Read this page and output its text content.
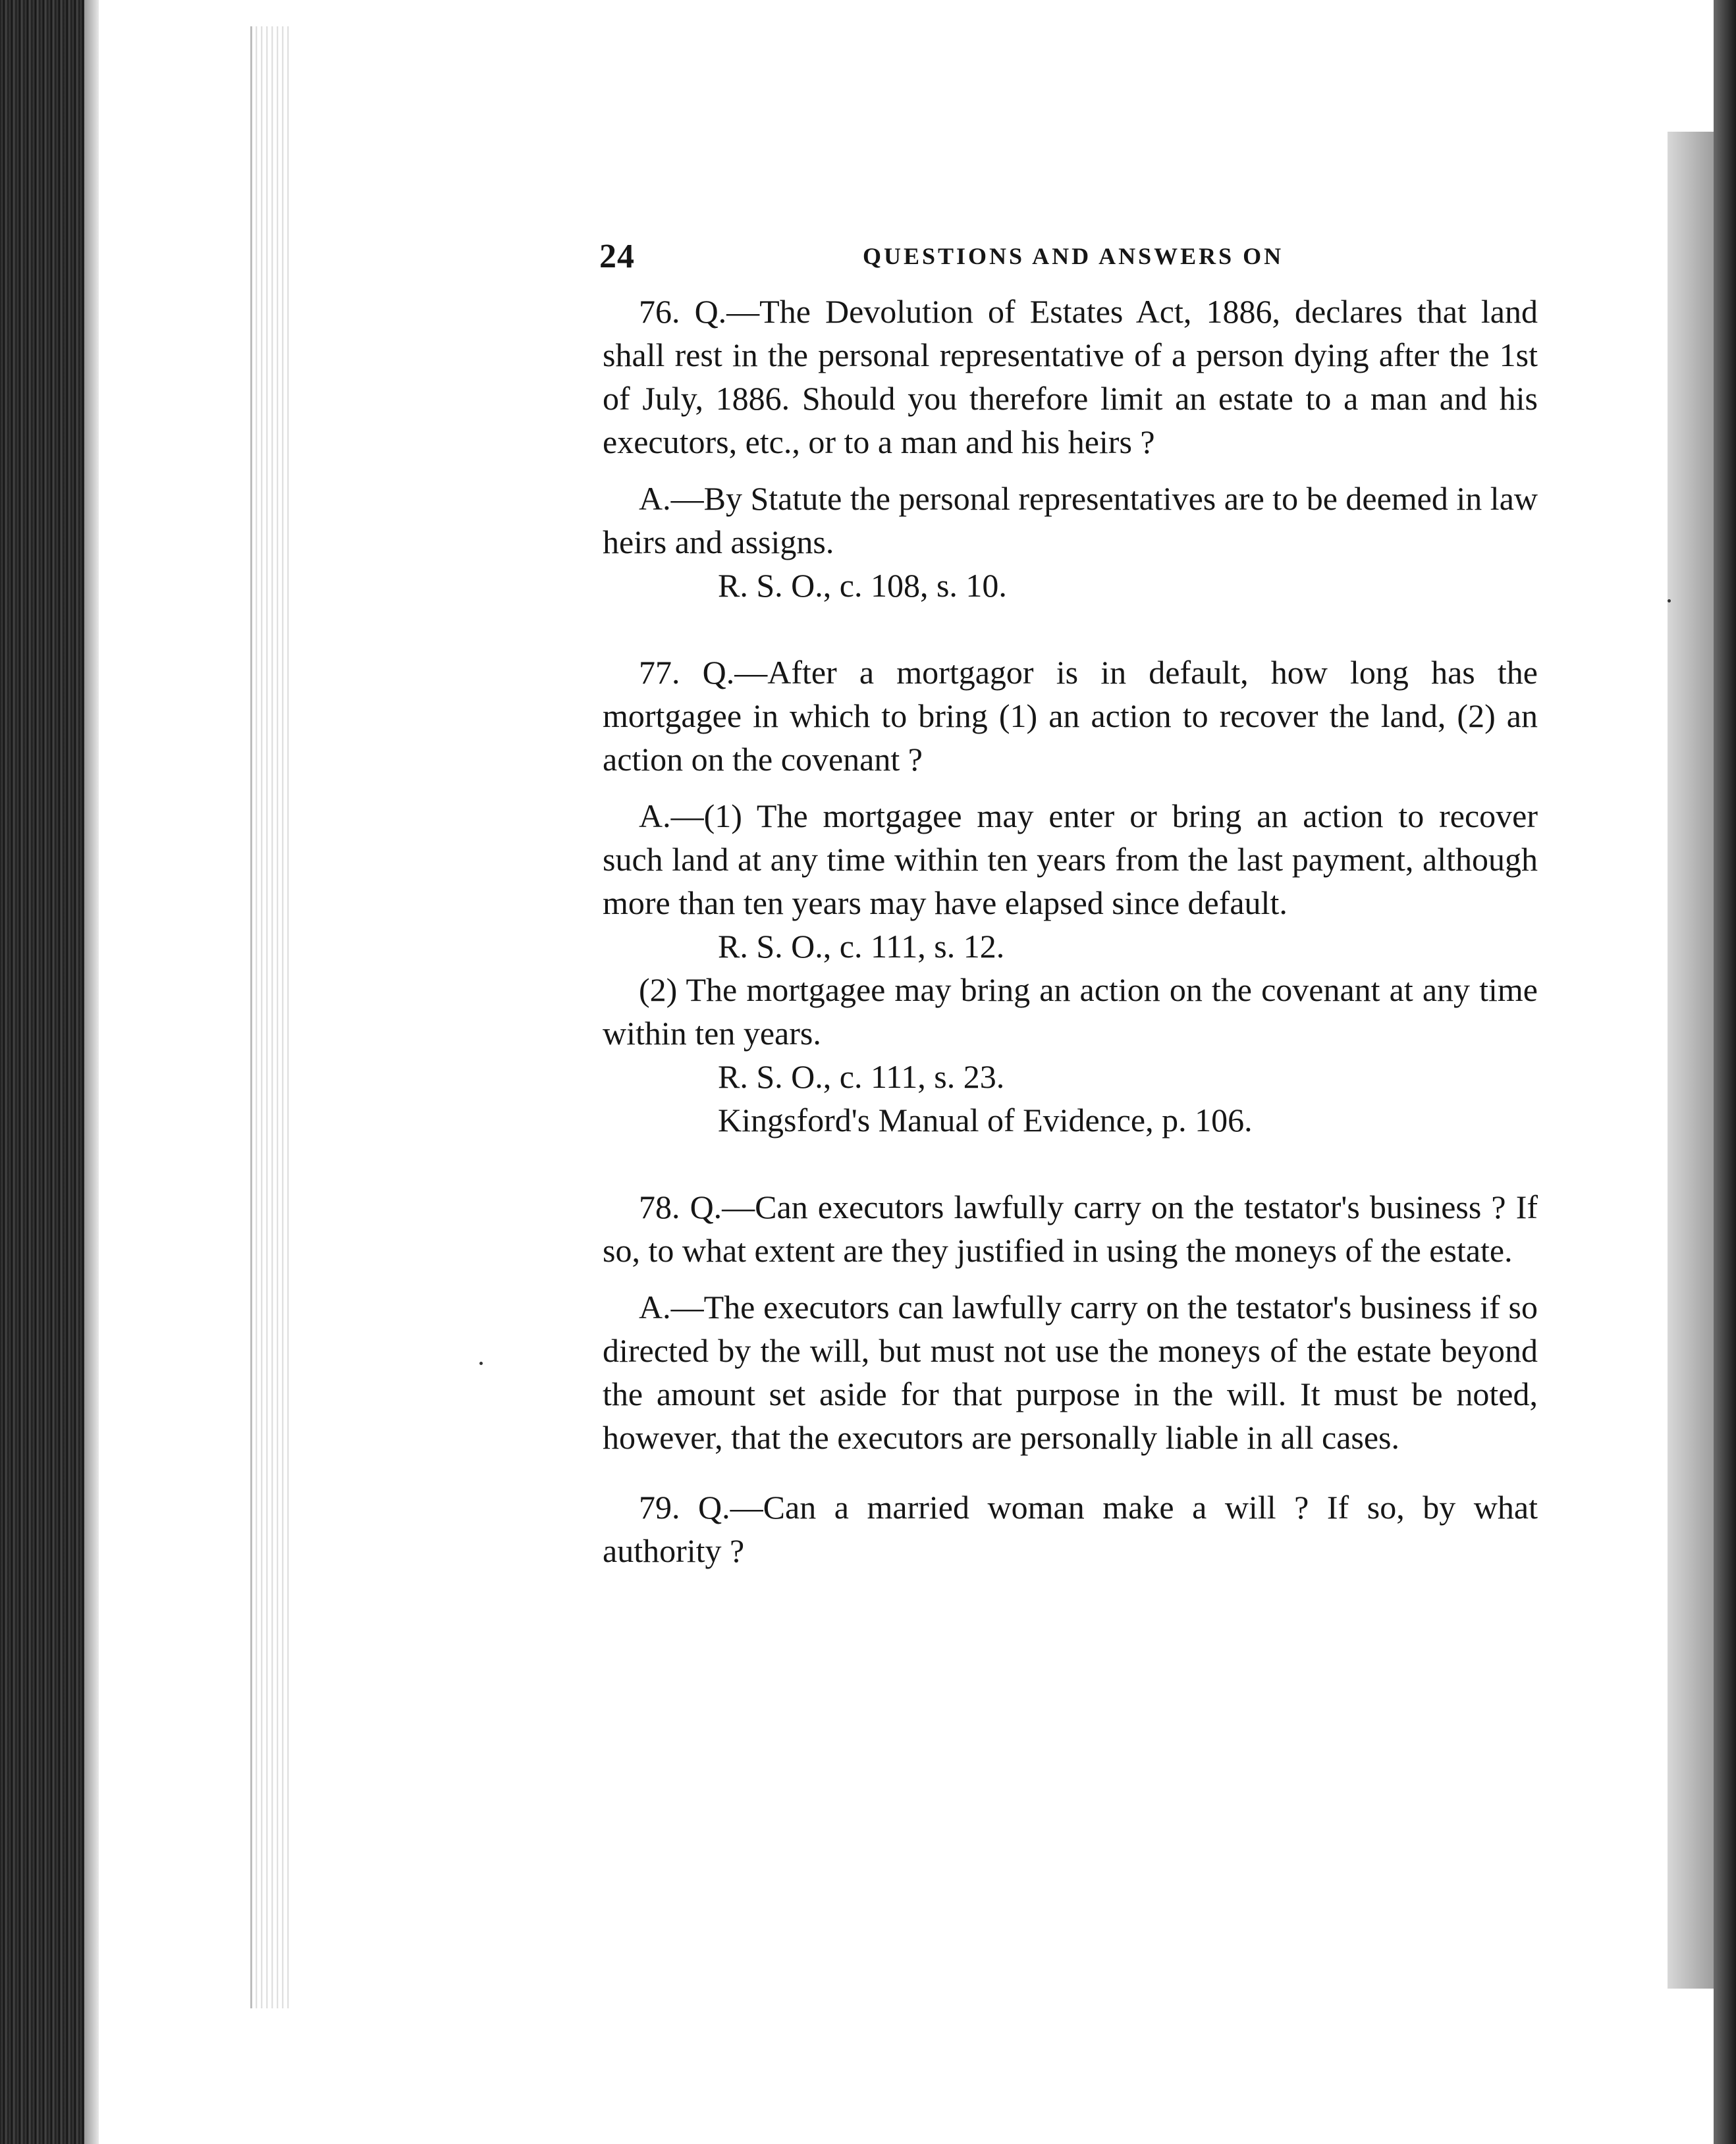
24	QUESTIONS AND ANSWERS ON

76. Q.—The Devolution of Estates Act, 1886, declares that land shall rest in the personal representative of a person dying after the 1st of July, 1886. Should you therefore limit an estate to a man and his executors, etc., or to a man and his heirs ?

A.—By Statute the personal representatives are to be deemed in law heirs and assigns.

R. S. O., c. 108, s. 10.

77. Q.—After a mortgagor is in default, how long has the mortgagee in which to bring (1) an action to recover the land, (2) an action on the covenant ?

A.—(1) The mortgagee may enter or bring an action to recover such land at any time within ten years from the last payment, although more than ten years may have elapsed since default.

R. S. O., c. 111, s. 12.

(2) The mortgagee may bring an action on the covenant at any time within ten years.

R. S. O., c. 111, s. 23.

Kingsford's Manual of Evidence, p. 106.

78. Q.—Can executors lawfully carry on the testator's business ? If so, to what extent are they justified in using the moneys of the estate.

A.—The executors can lawfully carry on the testator's business if so directed by the will, but must not use the moneys of the estate beyond the amount set aside for that purpose in the will. It must be noted, however, that the executors are personally liable in all cases.

79. Q.—Can a married woman make a will ? If so, by what authority ?
